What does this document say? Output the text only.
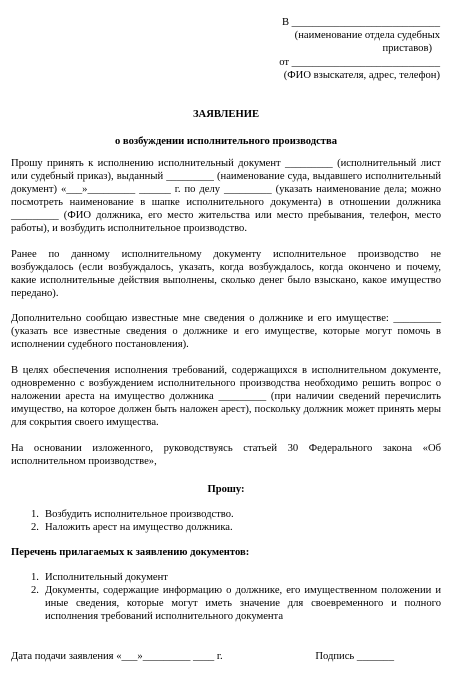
В ____________________________
(наименование отдела судебных
приставов)
от ____________________________
(ФИО взыскателя, адрес, телефон)
ЗАЯВЛЕНИЕ
о возбуждении исполнительного производства

Прошу принять к исполнению исполнительный документ _________ (исполнительный лист или судебный приказ), выданный _________ (наименование суда, выдавшего исполнительный документ) «___»_________ ______ г. по делу _________ (указать наименование дела; можно посмотреть наименование в шапке исполнительного документа) в отношении должника _________ (ФИО должника, его место жительства или место пребывания, телефон, место работы), и возбудить исполнительное производство.

Ранее по данному исполнительному документу исполнительное производство не возбуждалось (если возбуждалось, указать, когда возбуждалось, когда окончено и почему, какие исполнительные действия выполнены, сколько денег было взыскано, какое имущество передано).

Дополнительно сообщаю известные мне сведения о должнике и его имуществе: _________ (указать все известные сведения о должнике и его имуществе, которые могут помочь в исполнении судебного постановления).

В целях обеспечения исполнения требований, содержащихся в исполнительном документе, одновременно с возбуждением исполнительного производства необходимо решить вопрос о наложении ареста на имущество должника _________ (при наличии сведений перечислить имущество, на которое должен быть наложен арест), поскольку должник может принять меры для сокрытия своего имущества.

На основании изложенного, руководствуясь статьей 30 Федерального закона «Об исполнительном производстве»,

Прошу:
1. Возбудить исполнительное производство.
2. Наложить арест на имущество должника.
Перечень прилагаемых к заявлению документов:
1. Исполнительный документ
2. Документы, содержащие информацию о должнике, его имущественном положении и иные сведения, которые могут иметь значение для своевременного и полного исполнения требований исполнительного документа
Дата подачи заявления «___»_________ ____ г.	Подпись _______
